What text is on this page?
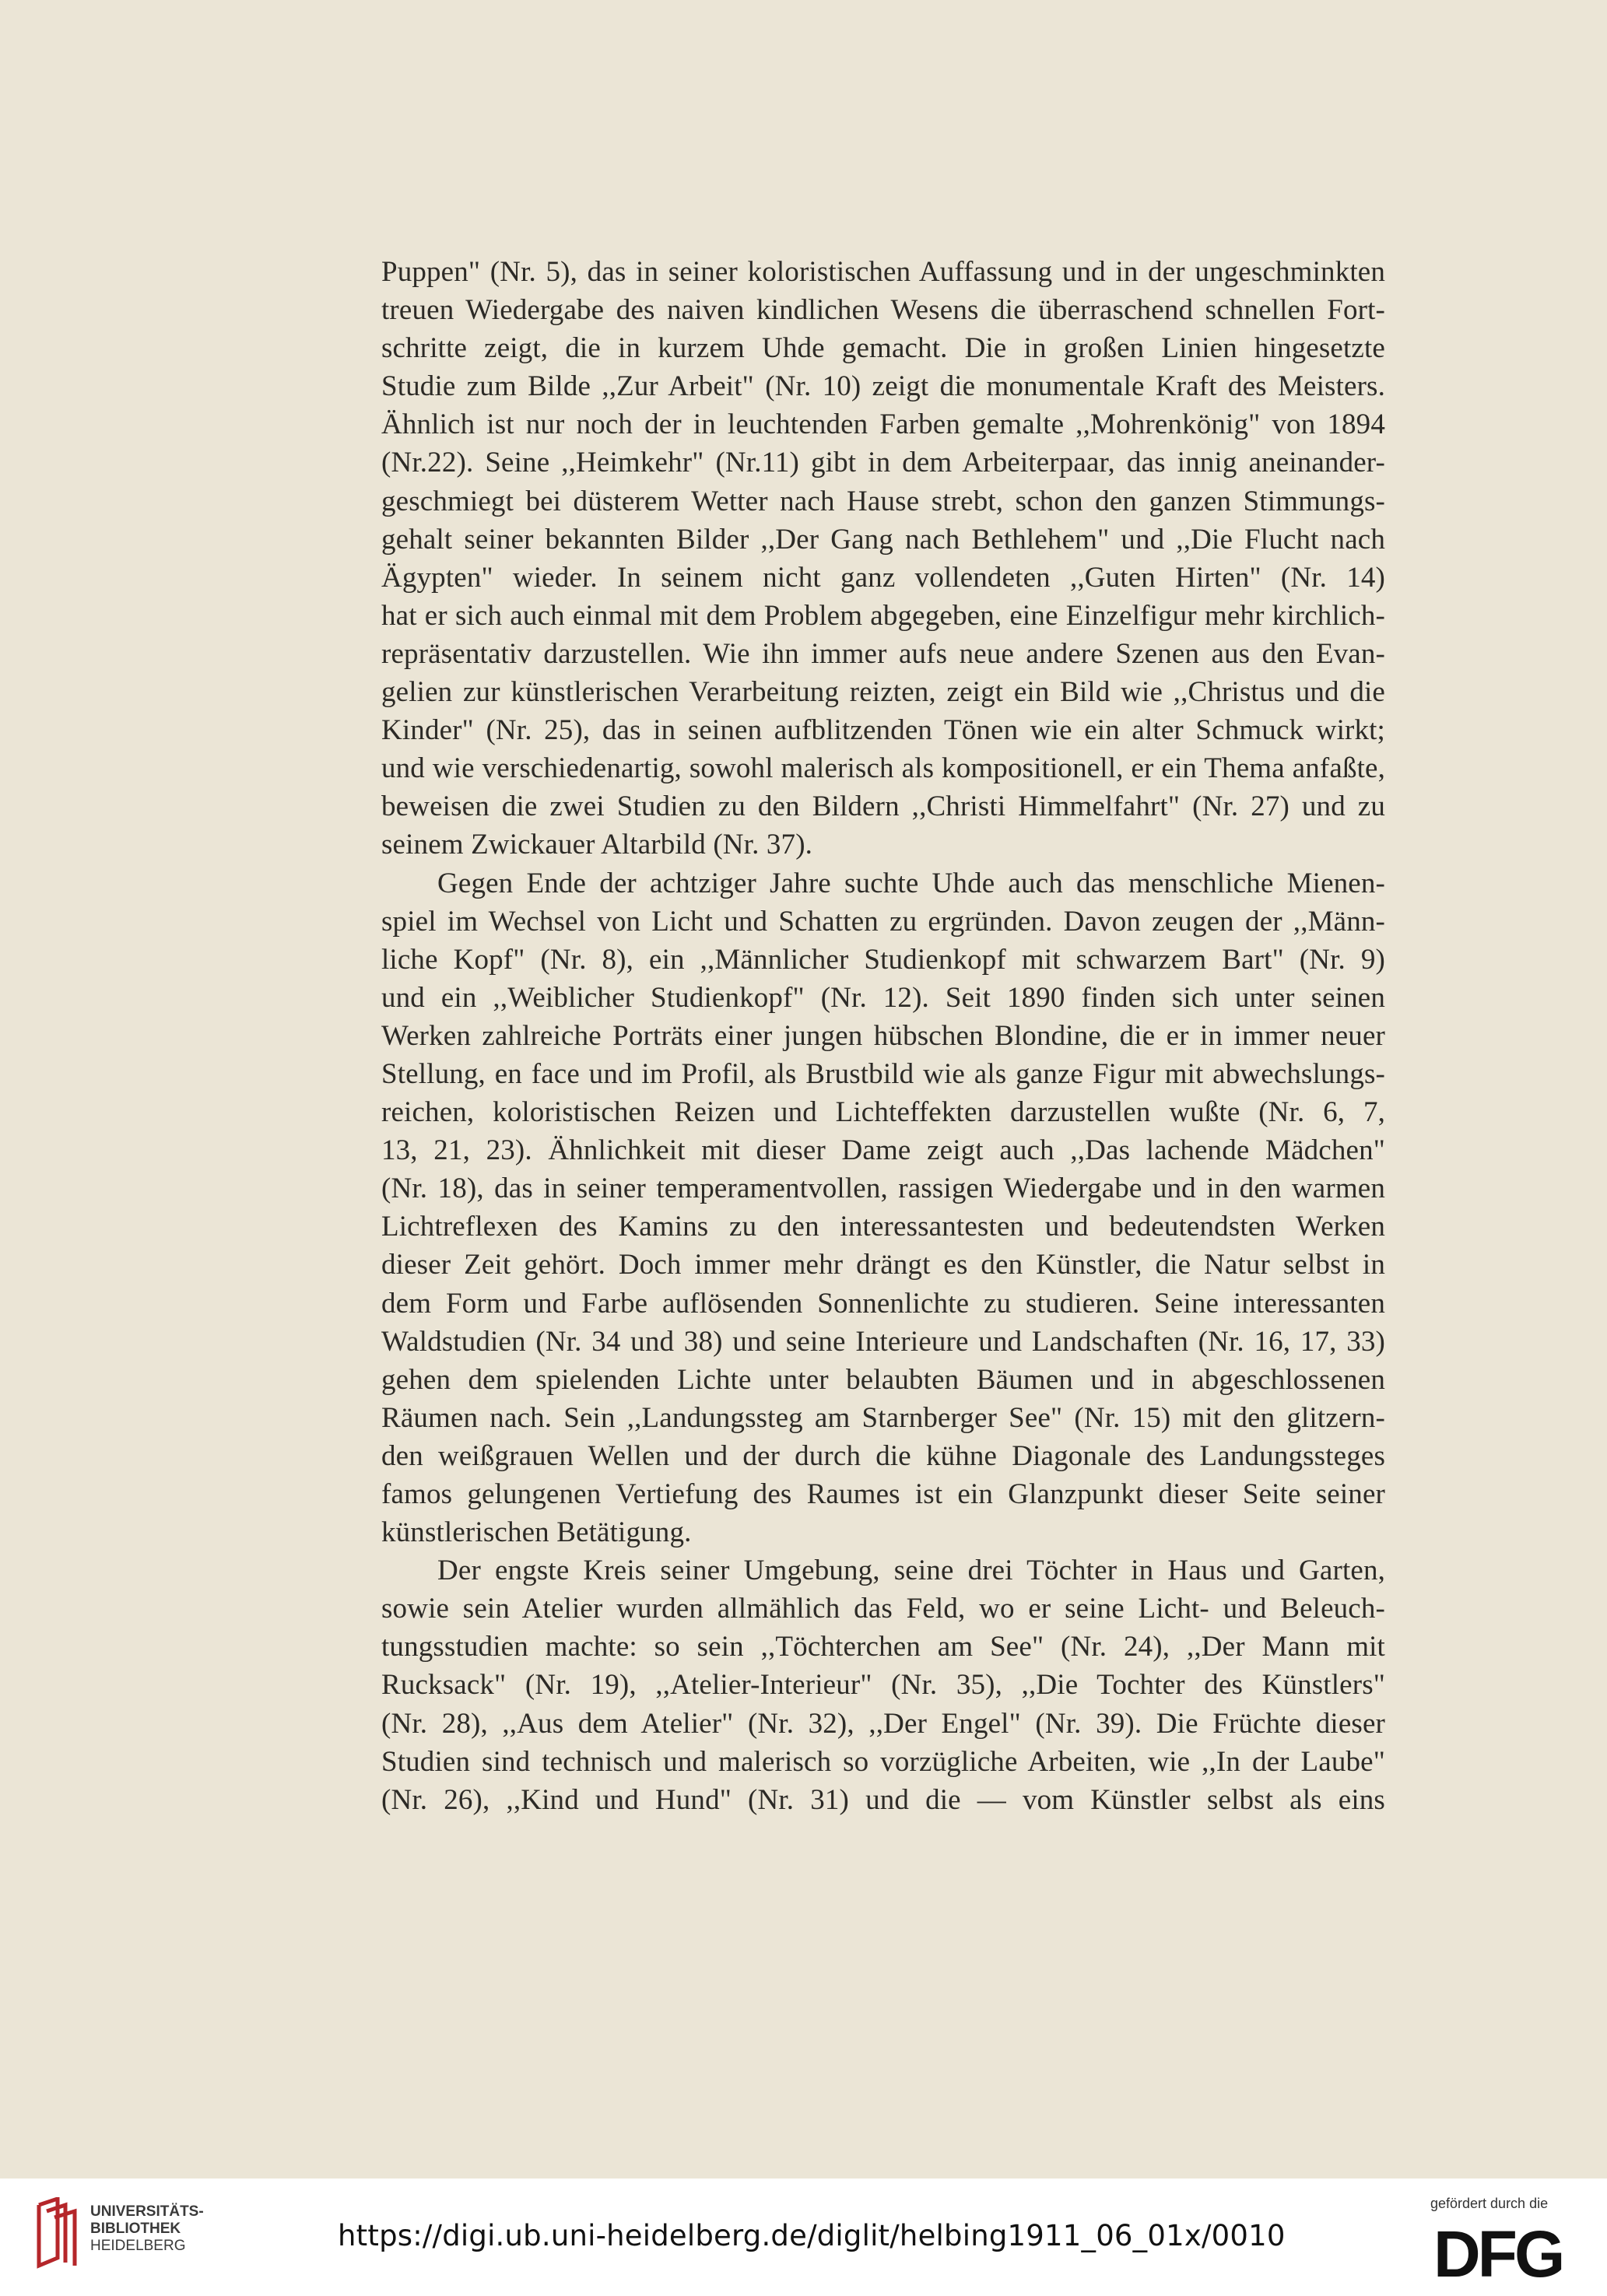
Puppen" (Nr. 5), das in seiner koloristischen Auffassung und in der ungeschminkten
treuen Wiedergabe des naiven kindlichen Wesens die überraschend schnellen Fort-
schritte zeigt, die in kurzem Uhde gemacht. Die in großen Linien hingesetzte
Studie zum Bilde ,,Zur Arbeit" (Nr. 10) zeigt die monumentale Kraft des Meisters.
Ähnlich ist nur noch der in leuchtenden Farben gemalte ,,Mohrenkönig" von 1894
(Nr.22). Seine ,,Heimkehr" (Nr.11) gibt in dem Arbeiterpaar, das innig aneinander-
geschmiegt bei düsterem Wetter nach Hause strebt, schon den ganzen Stimmungs-
gehalt seiner bekannten Bilder ,,Der Gang nach Bethlehem" und ,,Die Flucht nach
Ägypten" wieder. In seinem nicht ganz vollendeten ,,Guten Hirten" (Nr. 14)
hat er sich auch einmal mit dem Problem abgegeben, eine Einzelfigur mehr kirchlich-
repräsentativ darzustellen. Wie ihn immer aufs neue andere Szenen aus den Evan-
gelien zur künstlerischen Verarbeitung reizten, zeigt ein Bild wie ,,Christus und die
Kinder" (Nr. 25), das in seinen aufblitzenden Tönen wie ein alter Schmuck wirkt;
und wie verschiedenartig, sowohl malerisch als kompositionell, er ein Thema anfaßte,
beweisen die zwei Studien zu den Bildern ,,Christi Himmelfahrt" (Nr. 27) und zu
seinem Zwickauer Altarbild (Nr. 37).
Gegen Ende der achtziger Jahre suchte Uhde auch das menschliche Mienen-
spiel im Wechsel von Licht und Schatten zu ergründen. Davon zeugen der ,,Männ-
liche Kopf" (Nr. 8), ein ,,Männlicher Studienkopf mit schwarzem Bart" (Nr. 9)
und ein ,,Weiblicher Studienkopf" (Nr. 12). Seit 1890 finden sich unter seinen
Werken zahlreiche Porträts einer jungen hübschen Blondine, die er in immer neuer
Stellung, en face und im Profil, als Brustbild wie als ganze Figur mit abwechslungs-
reichen, koloristischen Reizen und Lichteffekten darzustellen wußte (Nr. 6, 7,
13, 21, 23). Ähnlichkeit mit dieser Dame zeigt auch ,,Das lachende Mädchen"
(Nr. 18), das in seiner temperamentvollen, rassigen Wiedergabe und in den warmen
Lichtreflexen des Kamins zu den interessantesten und bedeutendsten Werken
dieser Zeit gehört. Doch immer mehr drängt es den Künstler, die Natur selbst in
dem Form und Farbe auflösenden Sonnenlichte zu studieren. Seine interessanten
Waldstudien (Nr. 34 und 38) und seine Interieure und Landschaften (Nr. 16, 17, 33)
gehen dem spielenden Lichte unter belaubten Bäumen und in abgeschlossenen
Räumen nach. Sein ,,Landungssteg am Starnberger See" (Nr. 15) mit den glitzern-
den weißgrauen Wellen und der durch die kühne Diagonale des Landungssteges
famos gelungenen Vertiefung des Raumes ist ein Glanzpunkt dieser Seite seiner
künstlerischen Betätigung.
Der engste Kreis seiner Umgebung, seine drei Töchter in Haus und Garten,
sowie sein Atelier wurden allmählich das Feld, wo er seine Licht- und Beleuch-
tungsstudien machte: so sein ,,Töchterchen am See" (Nr. 24), ,,Der Mann mit
Rucksack" (Nr. 19), ,,Atelier-Interieur" (Nr. 35), ,,Die Tochter des Künstlers"
(Nr. 28), ,,Aus dem Atelier" (Nr. 32), ,,Der Engel" (Nr. 39). Die Früchte dieser
Studien sind technisch und malerisch so vorzügliche Arbeiten, wie ,,In der Laube"
(Nr. 26), ,,Kind und Hund" (Nr. 31) und die — vom Künstler selbst als eins
UNIVERSITÄTS-
BIBLIOTHEK
HEIDELBERG	https://digi.ub.uni-heidelberg.de/diglit/helbing1911_06_01x/0010
gefördert durch die
DFG
